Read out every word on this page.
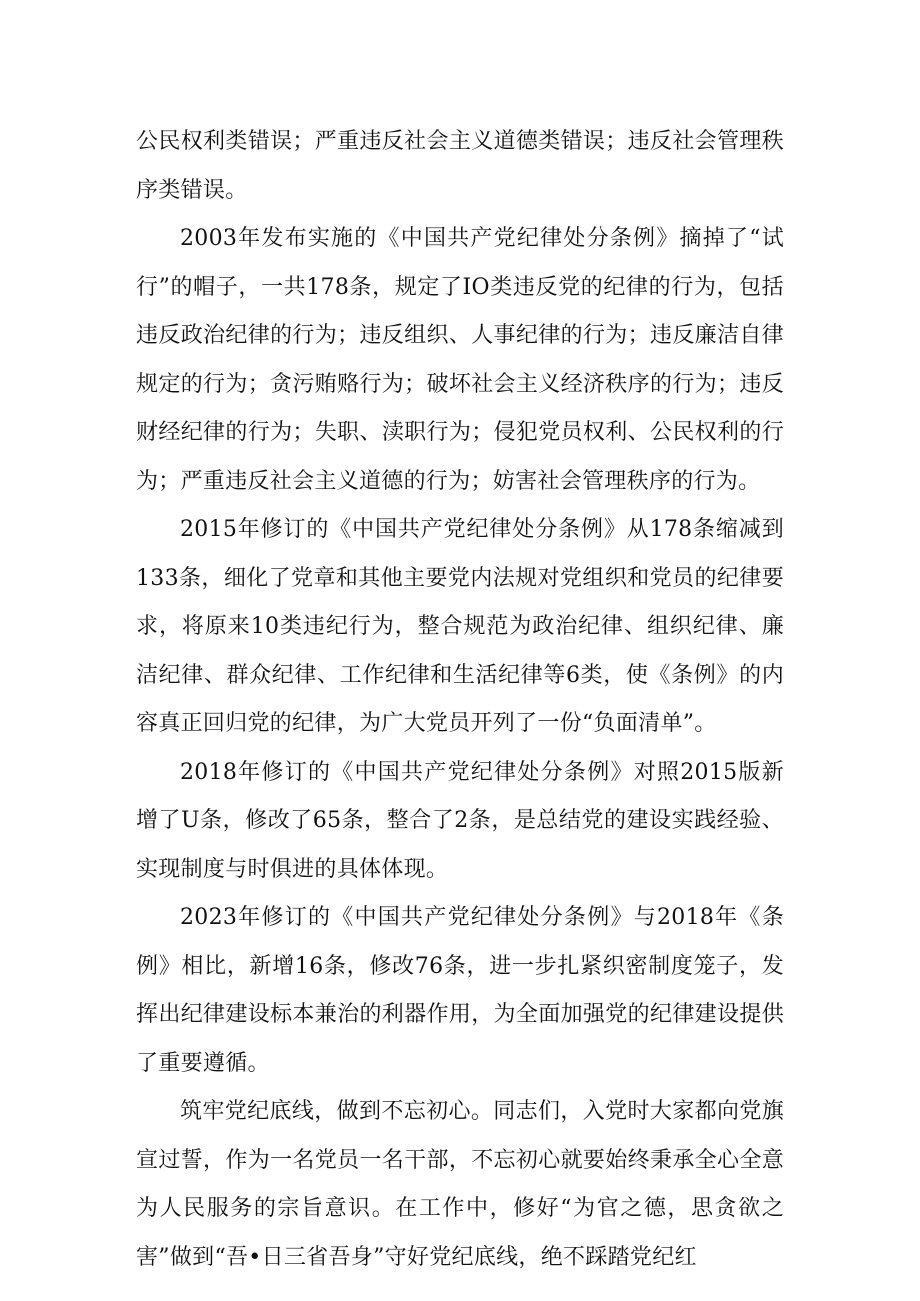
公民权利类错误；严重违反社会主义道德类错误；违反社会管理秩序类错误。

2003年发布实施的《中国共产党纪律处分条例》摘掉了“试行”的帽子，一共178条，规定了IO类违反党的纪律的行为，包括违反政治纪律的行为；违反组织、人事纪律的行为；违反廉洁自律规定的行为；贪污贿赂行为；破坏社会主义经济秩序的行为；违反财经纪律的行为；失职、渎职行为；侵犯党员权利、公民权利的行为；严重违反社会主义道德的行为；妨害社会管理秩序的行为。

2015年修订的《中国共产党纪律处分条例》从178条缩减到133条，细化了党章和其他主要党内法规对党组织和党员的纪律要求，将原来10类违纪行为，整合规范为政治纪律、组织纪律、廉洁纪律、群众纪律、工作纪律和生活纪律等6类，使《条例》的内容真正回归党的纪律，为广大党员开列了一份“负面清单”。

2018年修订的《中国共产党纪律处分条例》对照2015版新增了U条，修改了65条，整合了2条，是总结党的建设实践经验、实现制度与时俱进的具体体现。

2023年修订的《中国共产党纪律处分条例》与2018年《条例》相比，新增16条，修改76条，进一步扎紧织密制度笼子，发挥出纪律建设标本兼治的利器作用，为全面加强党的纪律建设提供了重要遵循。

筑牢党纪底线，做到不忘初心。同志们，入党时大家都向党旗宣过誓，作为一名党员一名干部，不忘初心就要始终秉承全心全意为人民服务的宗旨意识。在工作中，修好“为官之德，思贪欲之害”做到“吾•日三省吾身”守好党纪底线，绝不踩踏党纪红
